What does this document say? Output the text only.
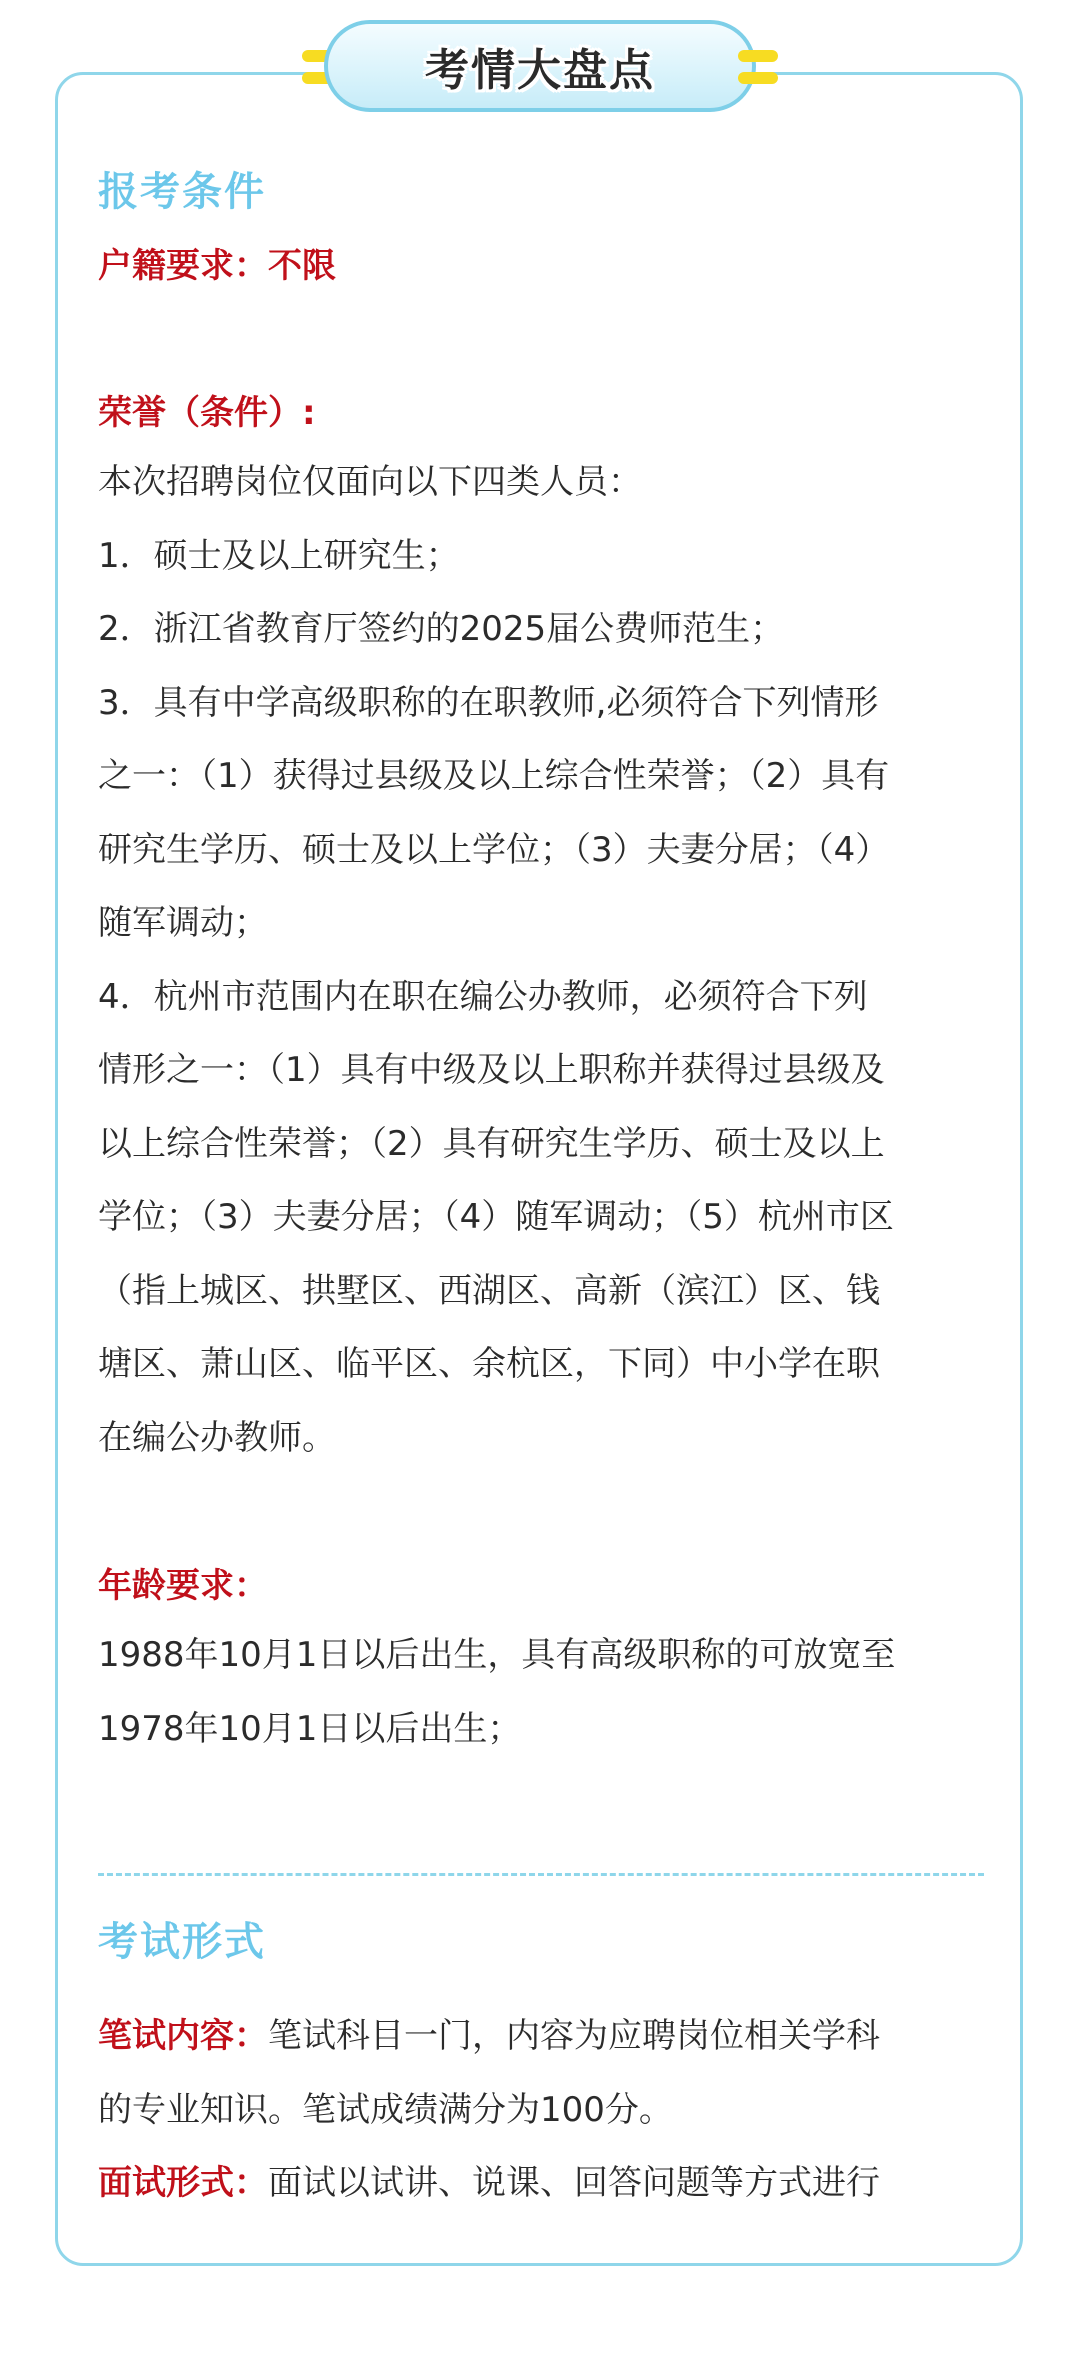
考情大盘点
报考条件
户籍要求：不限
荣誉（条件）:
本次招聘岗位仅面向以下四类人员：
1．硕士及以上研究生；
2．浙江省教育厅签约的2025届公费师范生；
3．具有中学高级职称的在职教师,必须符合下列情形
之一：（1）获得过县级及以上综合性荣誉；（2）具有
研究生学历、硕士及以上学位；（3）夫妻分居；（4）
随军调动；
4．杭州市范围内在职在编公办教师，必须符合下列
情形之一：（1）具有中级及以上职称并获得过县级及
以上综合性荣誉；（2）具有研究生学历、硕士及以上
学位；（3）夫妻分居；（4）随军调动；（5）杭州市区
（指上城区、拱墅区、西湖区、高新（滨江）区、钱
塘区、萧山区、临平区、余杭区，下同）中小学在职
在编公办教师。
年龄要求：
1988年10月1日以后出生，具有高级职称的可放宽至
1978年10月1日以后出生；
考试形式
笔试内容：笔试科目一门，内容为应聘岗位相关学科
的专业知识。笔试成绩满分为100分。
面试形式：面试以试讲、说课、回答问题等方式进行
